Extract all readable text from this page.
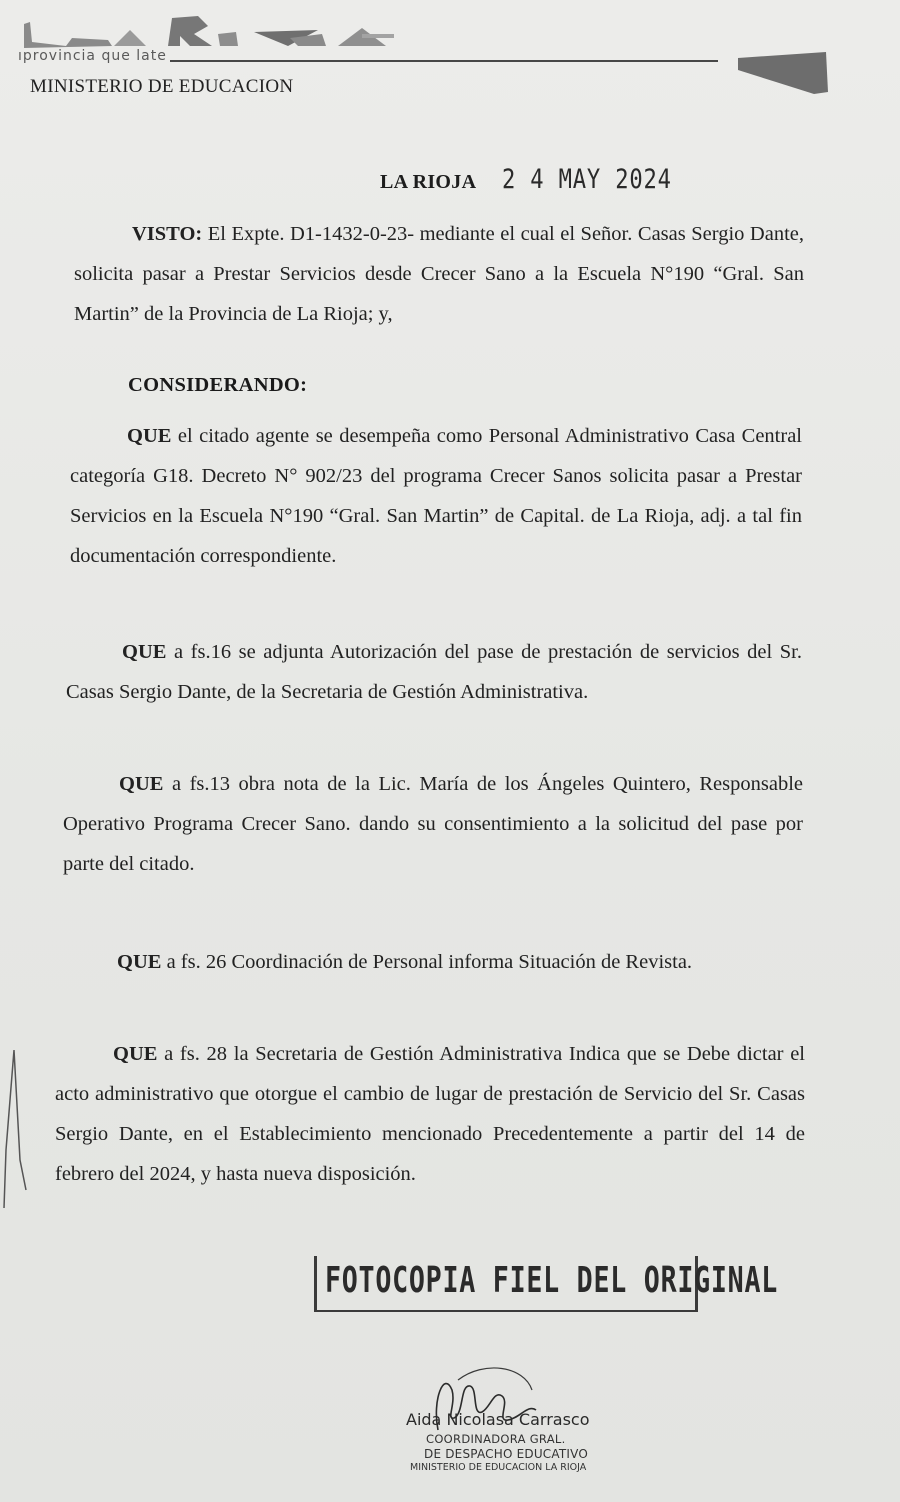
ıprovincia que late
MINISTERIO DE EDUCACION
LA RIOJA 2 4 MAY 2024

VISTO: El Expte. D1-1432-0-23- mediante el cual el Señor. Casas Sergio Dante, solicita pasar a Prestar Servicios desde Crecer Sano a la Escuela N°190 “Gral. San Martin” de la Provincia de La Rioja; y,

CONSIDERANDO:

QUE el citado agente se desempeña como Personal Administrativo Casa Central categoría G18. Decreto N° 902/23 del programa Crecer Sanos solicita pasar a Prestar Servicios en la Escuela N°190 “Gral. San Martin” de Capital. de La Rioja, adj. a tal fin documentación correspondiente.

QUE a fs.16 se adjunta Autorización del pase de prestación de servicios del Sr. Casas Sergio Dante, de la Secretaria de Gestión Administrativa.

QUE a fs.13 obra nota de la Lic. María de los Ángeles Quintero, Responsable Operativo Programa Crecer Sano. dando su consentimiento a la solicitud del pase por parte del citado.

QUE a fs. 26 Coordinación de Personal informa Situación de Revista.

QUE a fs. 28 la Secretaria de Gestión Administrativa Indica que se Debe dictar el acto administrativo que otorgue el cambio de lugar de prestación de Servicio del Sr. Casas Sergio Dante, en el Establecimiento mencionado Precedentemente a partir del 14 de febrero del 2024, y hasta nueva disposición.

FOTOCOPIA FIEL DEL ORIGINAL
Aida Nicolasa Carrasco
COORDINADORA GRAL.
DE DESPACHO EDUCATIVO
MINISTERIO DE EDUCACION LA RIOJA
